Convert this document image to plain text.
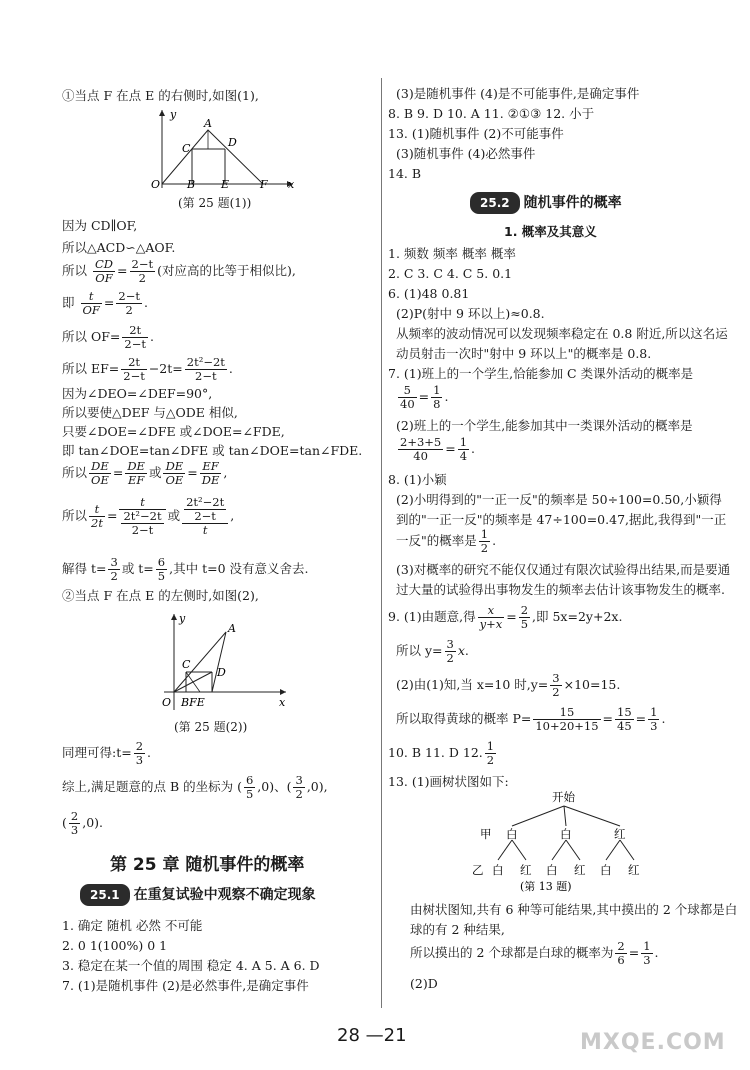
①当点 F 在点 E 的右侧时,如图(1),
y
A
C	D
O B E	F x
(第 25 题(1))
因为 CD∥OF,
所以△ACD∽△AOF.
所以 $\frac{CD}{OF} = \frac{2-t}{2}$ (对应高的比等于相似比),
即 $\frac{t}{OF} = \frac{2-t}{2}$ .
所以 $OF= \frac{2t}{2-t}$ .
所以 $EF= \frac{2t}{2-t} -2t= \frac{\text{2t²−2t}}{2-t}$ .
因为∠DEO=∠DEF=90°,
所以要使△DEF 与△ODE 相似,
只要∠DOE=∠DFE 或∠DOE=∠FDE,
即 tan∠DOE=tan∠DFE 或 tan∠DOE=tan∠FDE.
所以 $\frac{DE}{OE} = \frac{DE}{EF}$ 或 $\frac{DE}{OE} = \frac{EF}{DE}$ ,
所以 $\frac{t}{2t} = \frac{t}{\frac{\text{2t²−2t}}{2-t}}$ 或 $\frac{\frac{\text{2t²−2t}}{2-t}}{t}$ ,
解得 $t= \frac{3}{2}$ 或 $t= \frac{6}{5}$ ,其中 t=0 没有意义舍去.
②当点 F 在点 E 的左侧时,如图(2),
y
A
C
D
O BFE	x
(第 25 题(2))
同理可得:t= $\frac{2}{3}$ .
综上,满足题意的点 B 的坐标为 ( $\frac{6}{5} ,0$)、( $\frac{3}{2} ,0$),
( $\frac{2}{3} ,0$).
第 25 章 随机事件的概率
25.1 在重复试验中观察不确定现象
1. 确定 随机 必然 不可能
2. 0 1(100%) 0 1
3. 稳定在某一个值的周围 稳定 4. A 5. A 6. D
7. (1)是随机事件 (2)是必然事件,是确定事件
(3)是随机事件 (4)是不可能事件,是确定事件
8. B 9. D 10. A 11. ②①③ 12. 小于
13. (1)随机事件 (2)不可能事件
(3)随机事件 (4)必然事件
14. B
25.2 随机事件的概率
1. 概率及其意义
1. 频数 频率 概率 概率
2. C 3. C 4. C 5. 0.1
6. (1)48 0.81
(2)P(射中 9 环以上)≈0.8.
从频率的波动情况可以发现频率稳定在 0.8 附近,所以这名运
动员射击一次时"射中 9 环以上"的概率是 0.8.
7. (1)班上的一个学生,恰能参加 C 类课外活动的概率是
$\frac{5}{40} = \frac{1}{8}$ .
(2)班上的一个学生,能参加其中一类课外活动的概率是
$\frac{2+3+5}{40} = \frac{1}{4}$ .
8. (1)小颖
(2)小明得到的"一正一反"的频率是 50÷100=0.50,小颖得
到的"一正一反"的频率是 47÷100=0.47,据此,我得到"一正
一反"的概率是 $\frac{1}{2}$ .
(3)对概率的研究不能仅仅通过有限次试验得出结果,而是要通
过大量的试验得出事物发生的频率去估计该事物发生的概率.
9. (1)由题意,得 $\frac{x}{y+x} = \frac{2}{5}$ ,即 5x=2y+2x.
所以 $y= \frac{3}{2} x$.
(2)由(1)知,当 x=10 时$,y= \frac{3}{2} \times 10=15$.
所以取得黄球的概率 $P= \frac{15}{10+20+15} = \frac{15}{45} = \frac{1}{3}$ .
10. B 11. D 12. $\frac{1}{2}$
13. (1)画树状图如下:
开始
甲 白	白	红
乙 白 红 白 红 白 红
(第 13 题)
由树状图知,共有 6 种等可能结果,其中摸出的 2 个球都是白
球的有 2 种结果,
所以摸出的 2 个球都是白球的概率为 $\frac{2}{6} = \frac{1}{3}$ .
(2)D
28 —21	MXQE.COM
